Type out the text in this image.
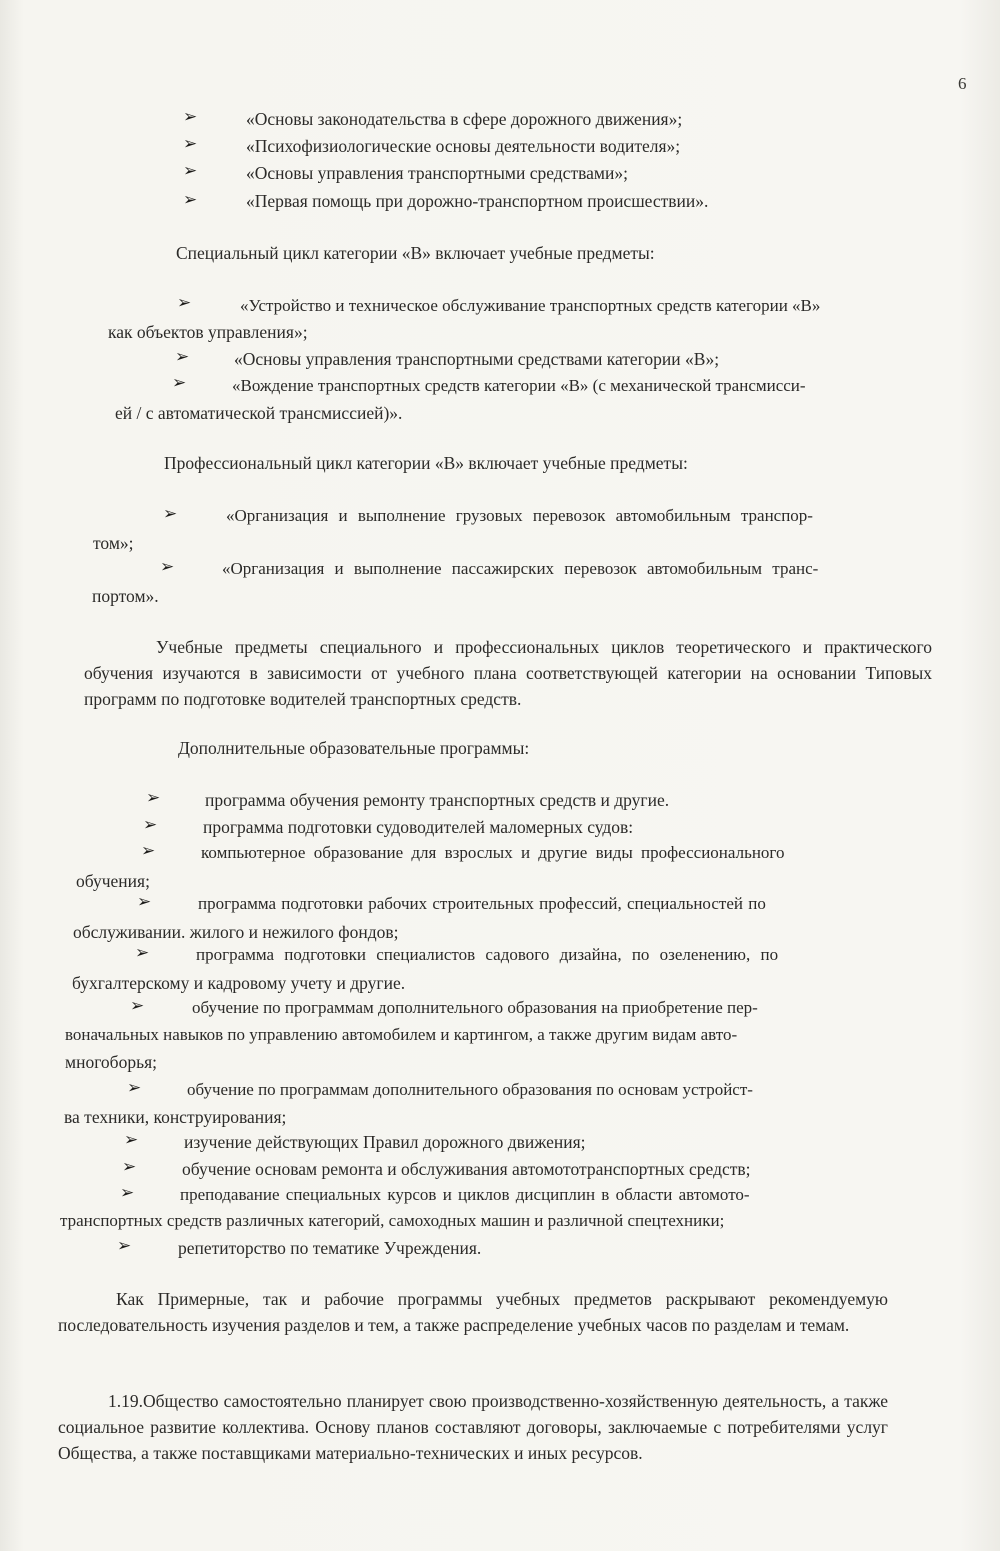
6
➢	«Основы законодательства в сфере дорожного движения»;
➢	«Психофизиологические основы деятельности водителя»;
➢	«Основы управления транспортными средствами»;
➢	«Первая помощь при дорожно-транспортном происшествии».
Специальный цикл категории «В» включает учебные предметы:
➢	«Устройство и техническое обслуживание транспортных средств категории «В»
как объектов управления»;
➢	«Основы управления транспортными средствами категории «В»;
➢	«Вождение транспортных средств категории «В» (с механической трансмисси-
ей / с автоматической трансмиссией)».
Профессиональный цикл категории «В» включает учебные предметы:
➢	«Организация и выполнение грузовых перевозок автомобильным транспор-
том»;
➢	«Организация и выполнение пассажирских перевозок автомобильным транс-
портом».

Учебные предметы специального и профессиональных циклов теоретического и практического обучения изучаются в зависимости от учебного плана соответствующей категории на основании Типовых программ по подготовке водителей транспортных средств.

Дополнительные образовательные программы:
➢	программа обучения ремонту транспортных средств и другие.
➢	программа подготовки судоводителей маломерных судов:
➢	компьютерное образование для взрослых и другие виды профессионального
обучения;
➢	программа подготовки рабочих строительных профессий, специальностей по
обслуживании. жилого и нежилого фондов;
➢	программа подготовки специалистов садового дизайна, по озеленению, по
бухгалтерскому и кадровому учету и другие.
➢	обучение по программам дополнительного образования на приобретение пер-
воначальных навыков по управлению автомобилем и картингом, а также другим видам авто-
многоборья;
➢	обучение по программам дополнительного образования по основам устройст-
ва техники, конструирования;
➢	изучение действующих Правил дорожного движения;
➢	обучение основам ремонта и обслуживания автомототранспортных средств;
➢	преподавание специальных курсов и циклов дисциплин в области автомото-
транспортных средств различных категорий, самоходных машин и различной спецтехники;
➢	репетиторство по тематике Учреждения.

Как Примерные, так и рабочие программы учебных предметов раскрывают рекомендуемую последовательность изучения разделов и тем, а также распределение учебных часов по разделам и темам.

1.19.Общество самостоятельно планирует свою производственно-хозяйственную деятельность, а также социальное развитие коллектива. Основу планов составляют договоры, заключаемые с потребителями услуг Общества, а также поставщиками материально-технических и иных ресурсов.
